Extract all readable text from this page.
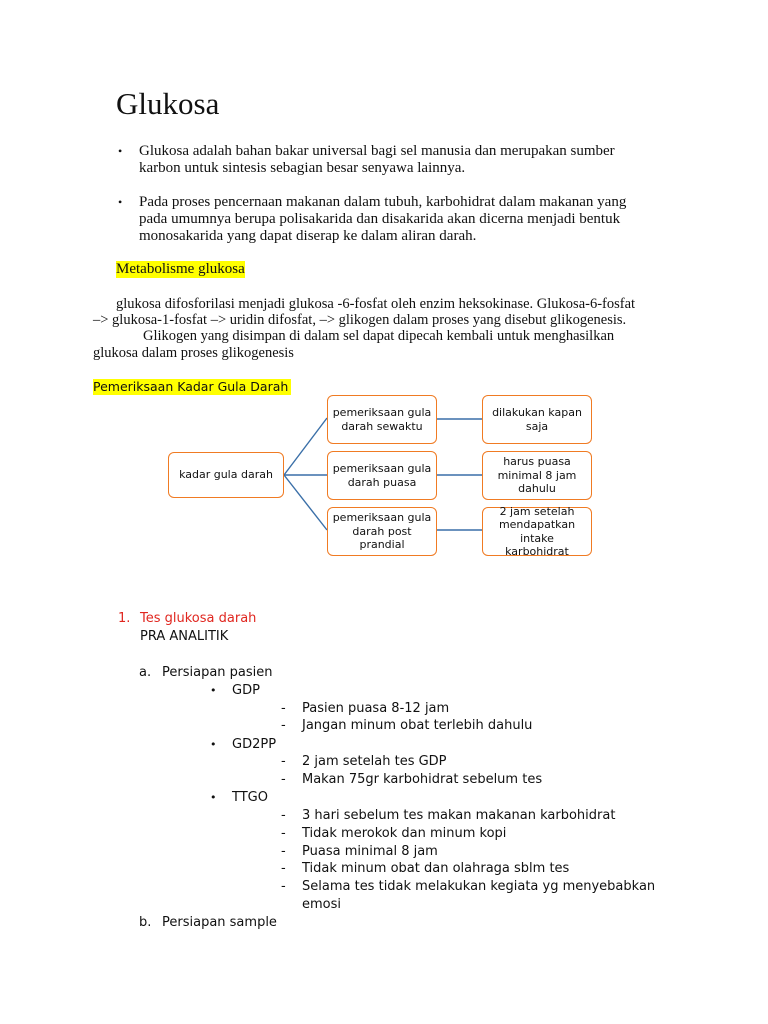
Glukosa
• Glukosa adalah bahan bakar universal bagi sel manusia dan merupakan sumber karbon untuk sintesis sebagian besar senyawa lainnya.
• Pada proses pencernaan makanan dalam tubuh, karbohidrat dalam makanan yang pada umumnya berupa polisakarida dan disakarida akan dicerna menjadi bentuk monosakarida yang dapat diserap ke dalam aliran darah.
Metabolisme glukosa
glukosa difosforilasi menjadi glukosa -6-fosfat oleh enzim heksokinase. Glukosa-6-fosfat
–> glukosa-1-fosfat –> uridin difosfat, –> glikogen dalam proses yang disebut glikogenesis.
Glikogen yang disimpan di dalam sel dapat dipecah kembali untuk menghasilkan
glukosa dalam proses glikogenesis
Pemeriksaan Kadar Gula Darah
kadar gula darah
pemeriksaan gula darah sewaktu
pemeriksaan gula darah puasa
pemeriksaan gula darah post prandial
dilakukan kapan saja
harus puasa minimal 8 jam dahulu
2 jam setelah mendapatkan intake karbohidrat
1. Tes glukosa darah
PRA ANALITIK
a. Persiapan pasien
• GDP
- Pasien puasa 8-12 jam
- Jangan minum obat terlebih dahulu
• GD2PP
- 2 jam setelah tes GDP
- Makan 75gr karbohidrat sebelum tes
• TTGO
- 3 hari sebelum tes makan makanan karbohidrat
- Tidak merokok dan minum kopi
- Puasa minimal 8 jam
- Tidak minum obat dan olahraga sblm tes
- Selama tes tidak melakukan kegiata yg menyebabkan
emosi
b. Persiapan sample
